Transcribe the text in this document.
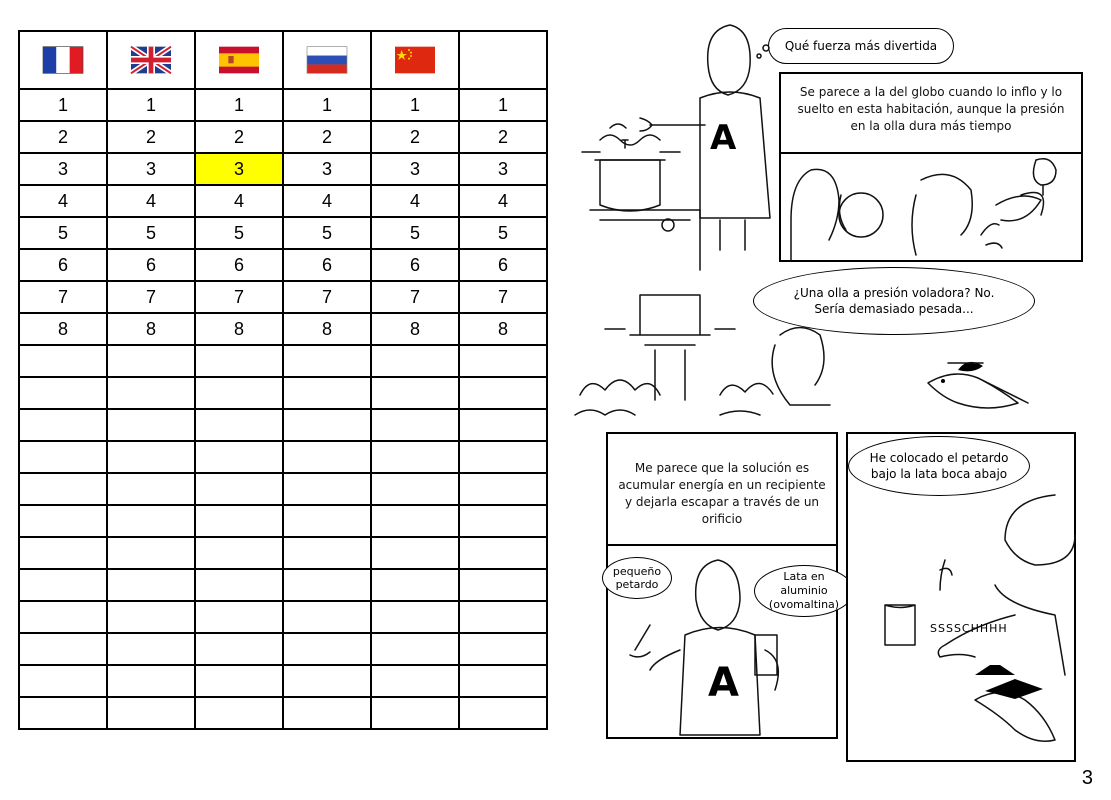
1	1	1	1	1	1
2	2	2	2	2	2
3	3	3	3	3	3
4	4	4	4	4	4
5	5	5	5	5	5
6	6	6	6	6	6
7	7	7	7	7	7
8	8	8	8	8	8

A
Qué fuerza más divertida
Se parece a la del globo cuando lo inflo y lo suelto en esta habitación, aunque la presión en la olla dura más tiempo
¿Una olla a presión voladora? No. Sería demasiado pesada...
Me parece que la solución es acumular energía en un recipiente y dejarla escapar a través de un orificio
pequeño petardo
Lata en aluminio (ovomaltina)
A
He colocado el petardo bajo la lata boca abajo
SSSSCHHHH
3
